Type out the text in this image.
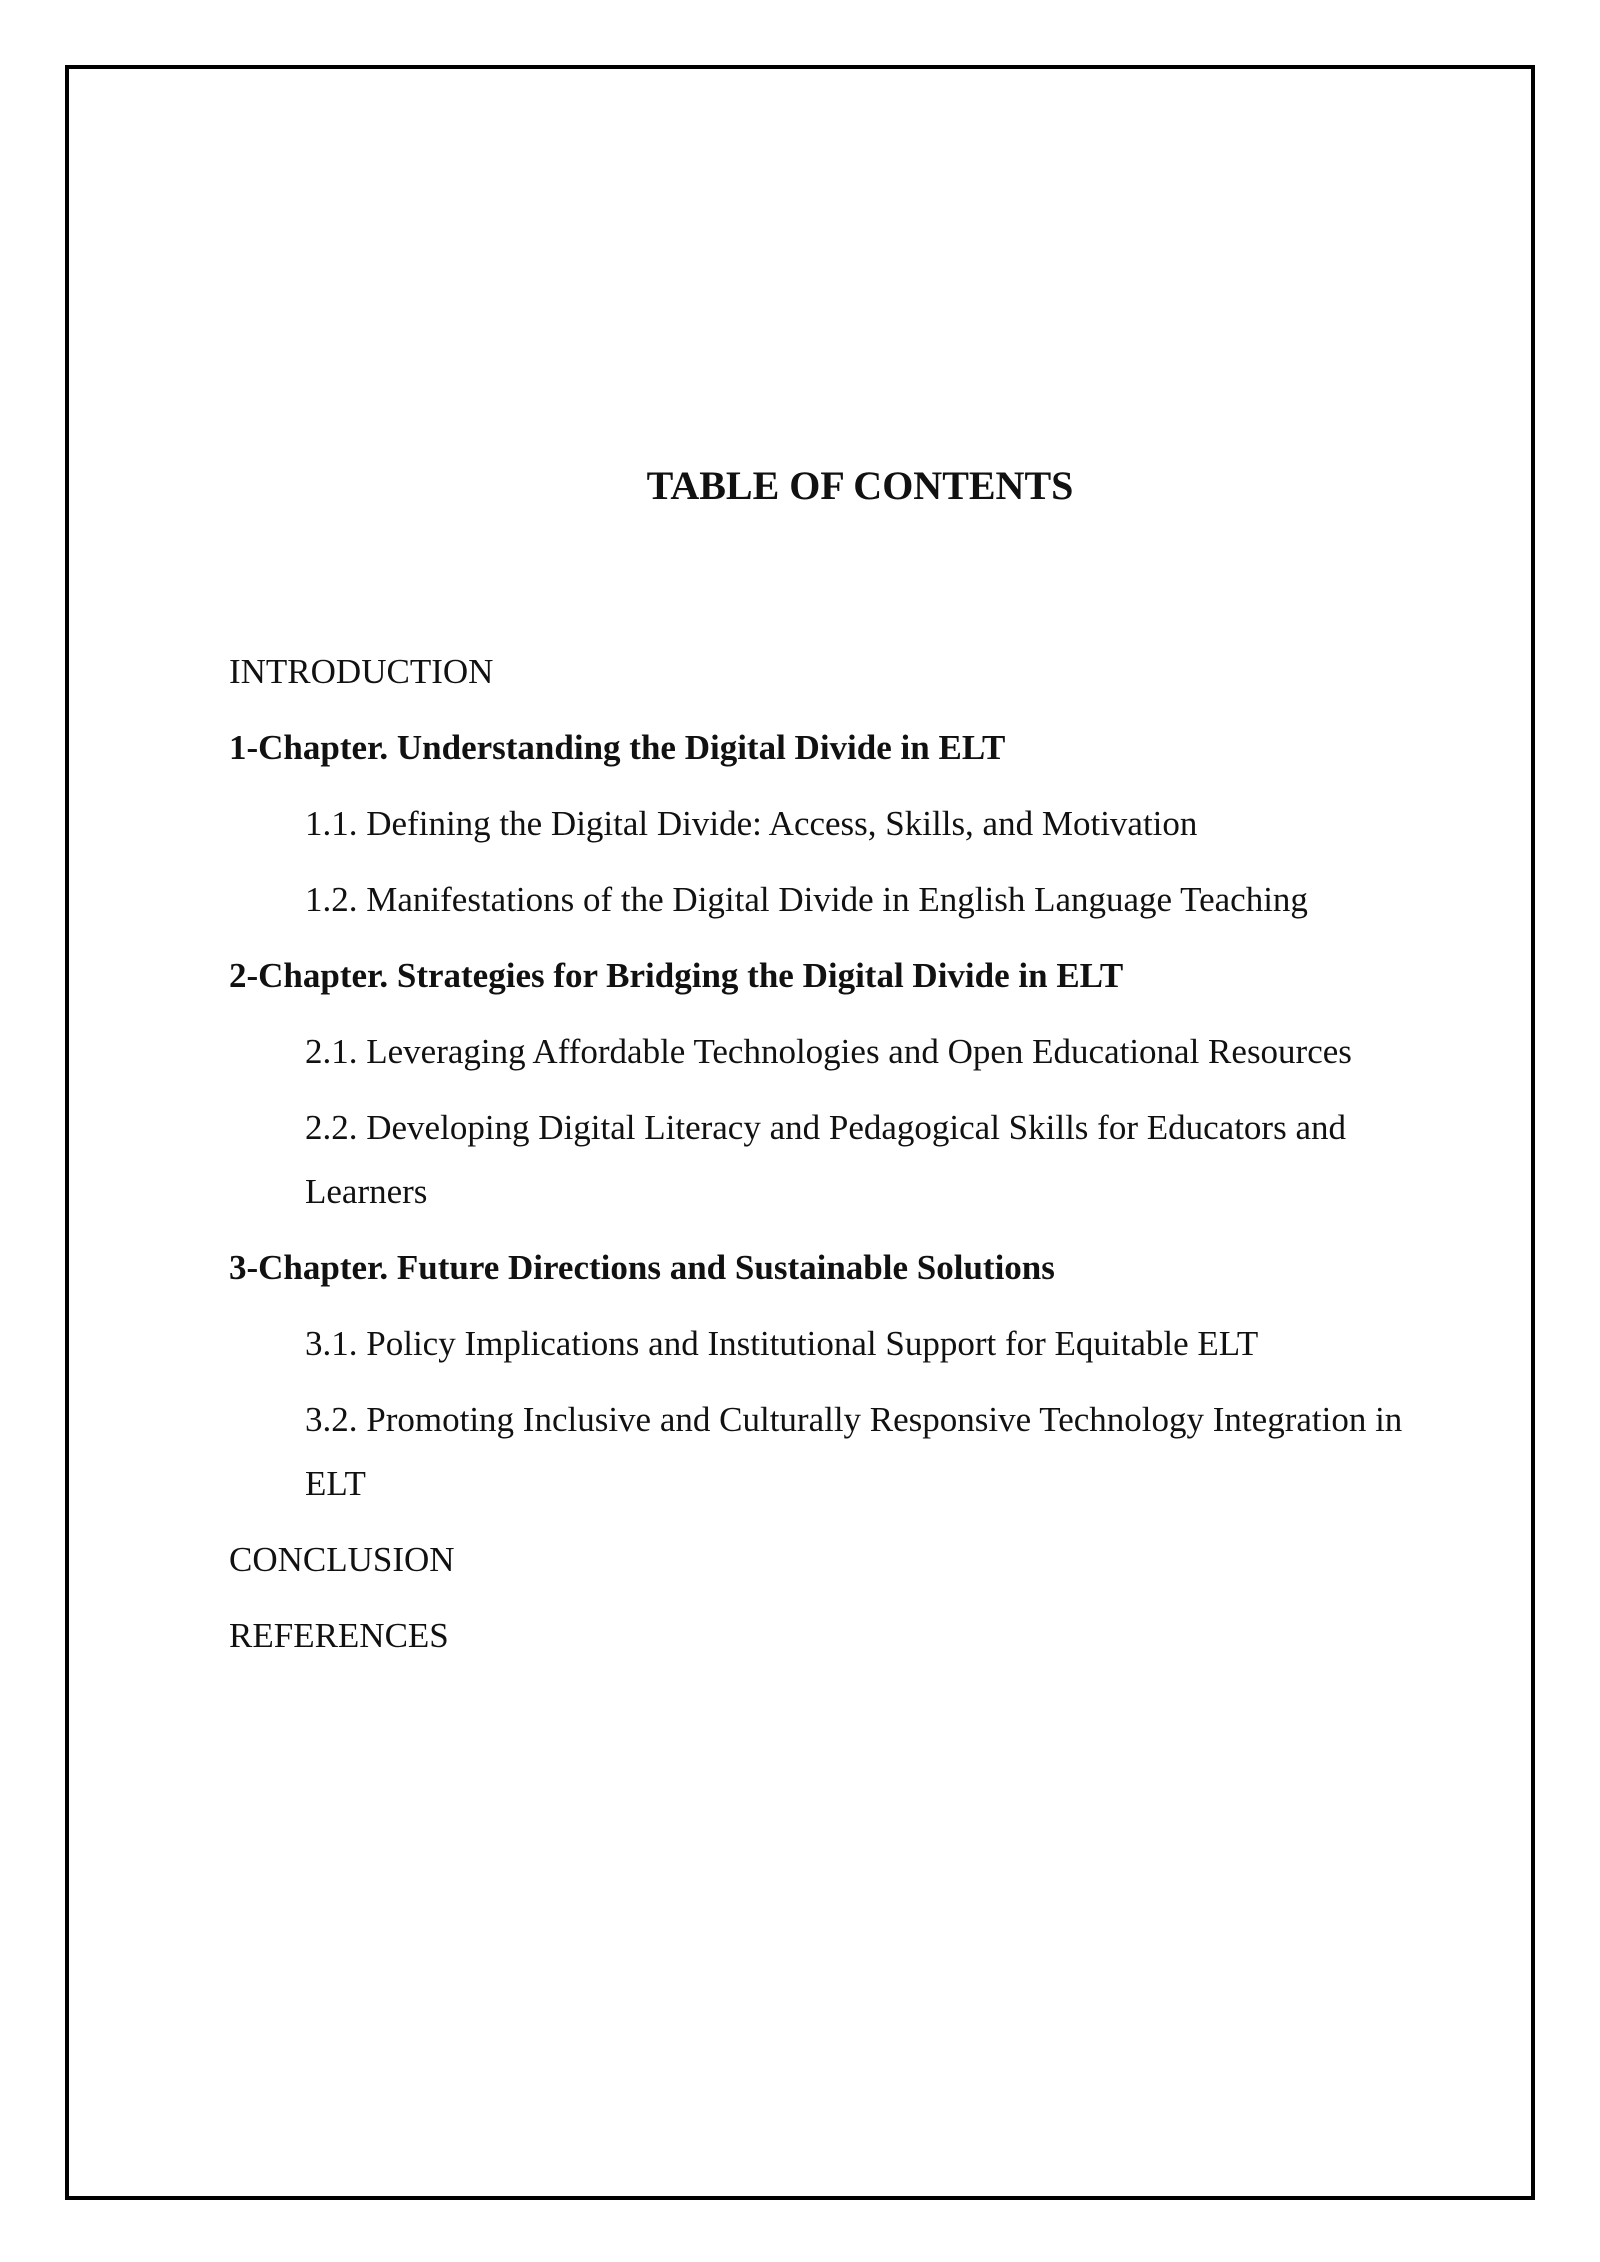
TABLE OF CONTENTS
INTRODUCTION
1-Chapter. Understanding the Digital Divide in ELT
1.1. Defining the Digital Divide: Access, Skills, and Motivation
1.2. Manifestations of the Digital Divide in English Language Teaching
2-Chapter. Strategies for Bridging the Digital Divide in ELT
2.1. Leveraging Affordable Technologies and Open Educational Resources
2.2. Developing Digital Literacy and Pedagogical Skills for Educators and Learners
3-Chapter. Future Directions and Sustainable Solutions
3.1. Policy Implications and Institutional Support for Equitable ELT
3.2. Promoting Inclusive and Culturally Responsive Technology Integration in ELT
CONCLUSION
REFERENCES
